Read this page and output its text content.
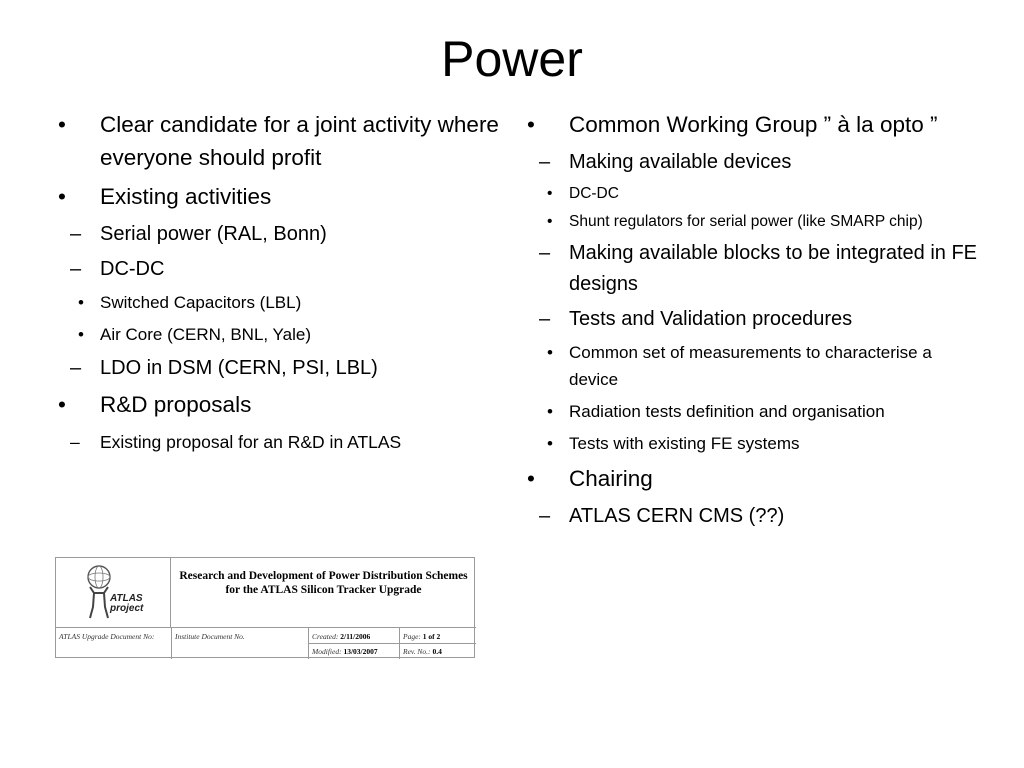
Power
• Clear candidate for a joint activity where everyone should profit
• Existing activities
– Serial power (RAL, Bonn)
– DC-DC
• Switched Capacitors (LBL)
• Air Core (CERN, BNL, Yale)
– LDO in DSM (CERN, PSI, LBL)
• R&D proposals
– Existing proposal for an R&D in ATLAS
• Common Working Group ” à la opto ”
– Making available devices
• DC-DC
• Shunt regulators for serial power (like SMARP chip)
– Making available blocks to be integrated in FE designs
– Tests and Validation procedures
• Common set of measurements to characterise a device
• Radiation tests definition and organisation
• Tests with existing FE systems
• Chairing
– ATLAS CERN CMS (??)
ATLAS
project
Research and Development of Power Distribution Schemes for the ATLAS Silicon Tracker Upgrade
ATLAS Upgrade Document No:	Institute Document No.	Created: 2/11/2006	Page: 1 of 2
Modified: 13/03/2007	Rev. No.: 0.4
